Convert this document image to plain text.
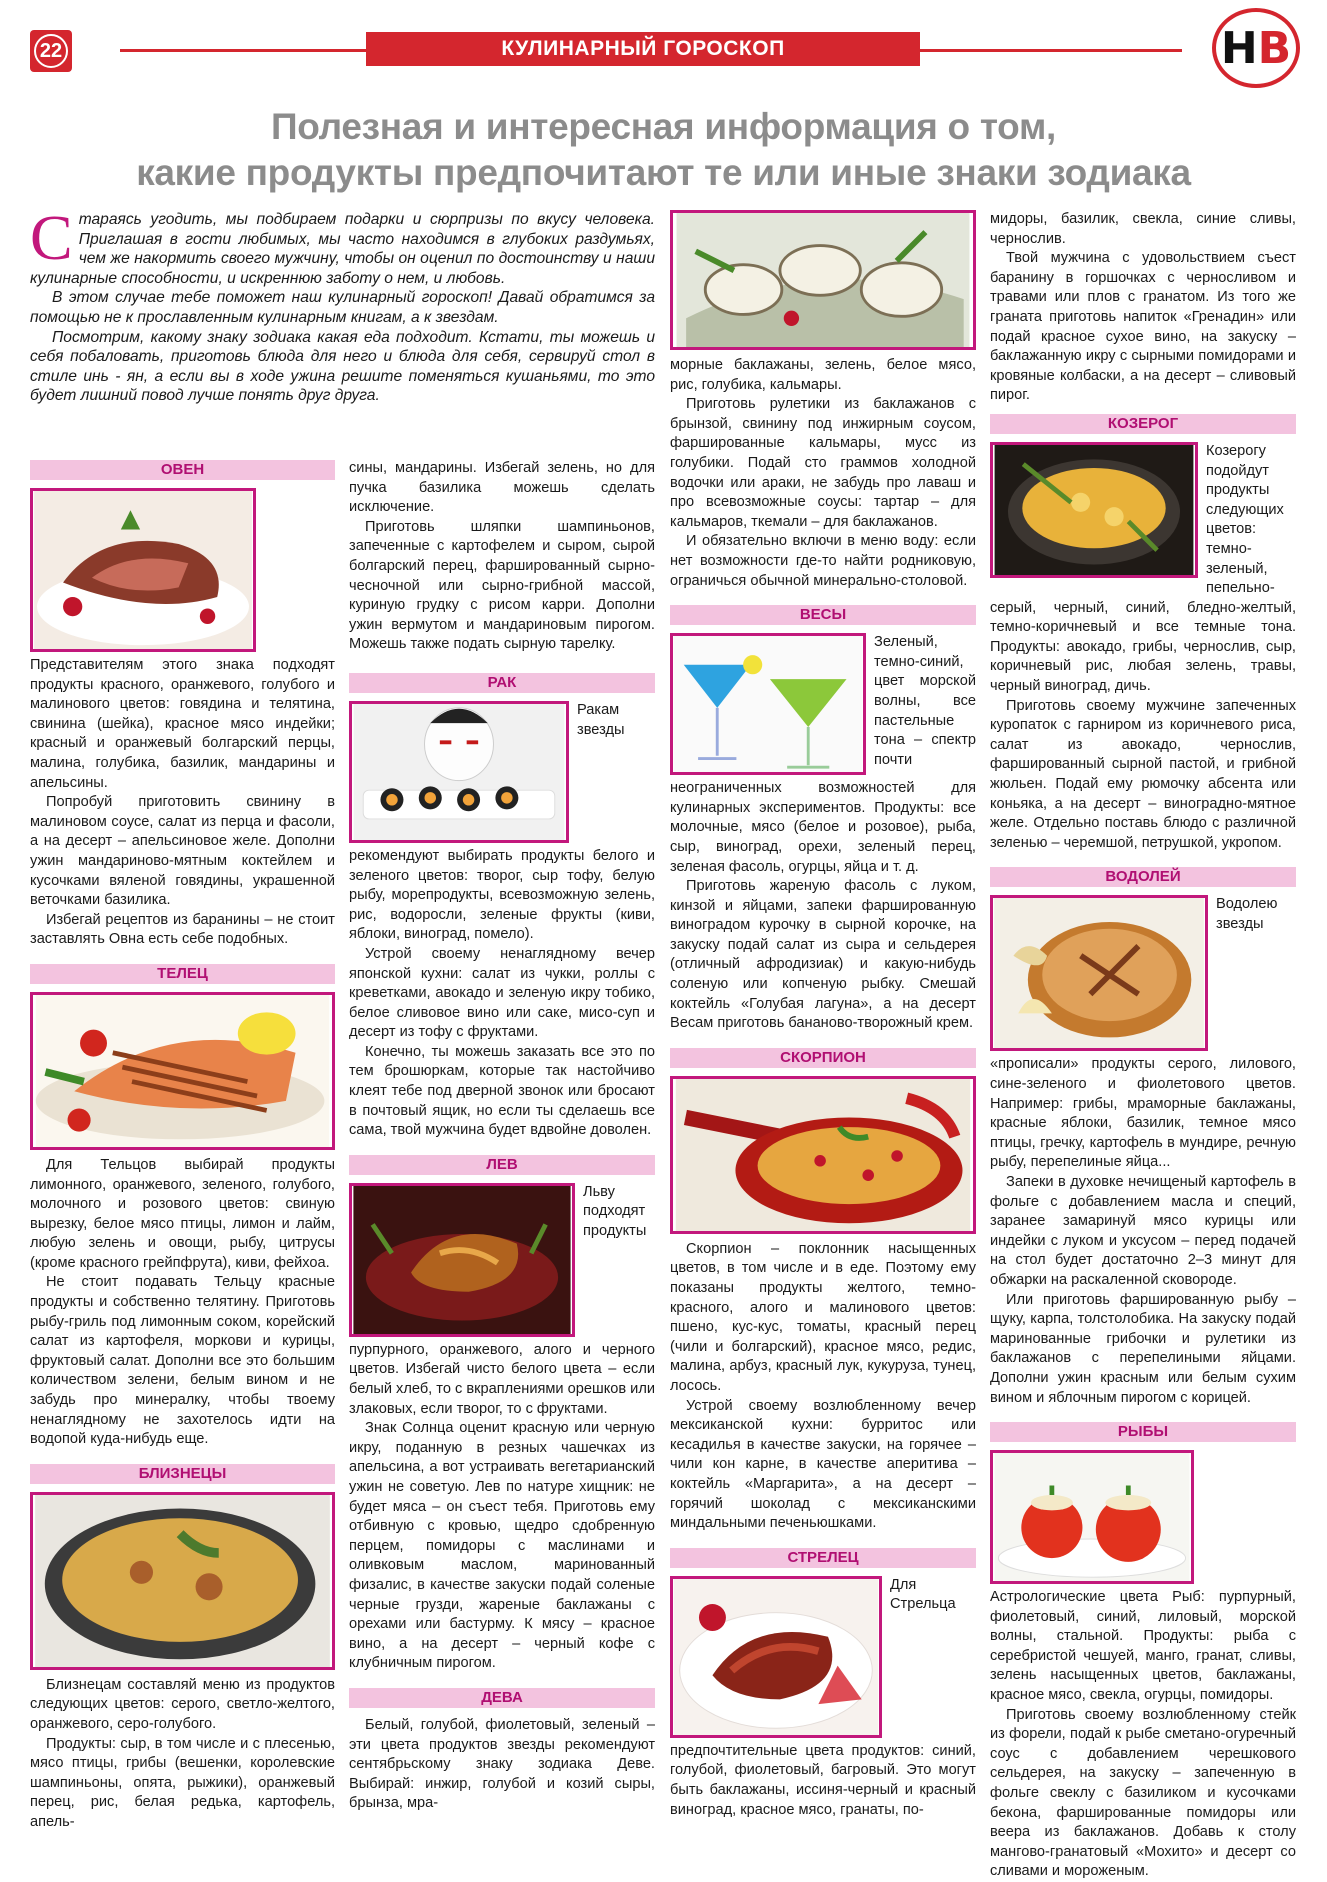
22	КУЛИНАРНЫЙ ГОРОСКОП	Н В
Полезная и интересная информация о том,
какие продукты предпочитают те или иные знаки зодиака

Стараясь угодить, мы подбираем подарки и сюрпризы по вкусу человека. Приглашая в гости любимых, мы часто находимся в глубоких раздумьях, чем же накормить своего мужчину, чтобы он оценил по достоинству и наши кулинарные способности, и искреннюю заботу о нем, и любовь.

В этом случае тебе поможет наш кулинарный гороскоп! Давай обратимся за помощью не к прославленным кулинарным книгам, а к звездам.

Посмотрим, какому знаку зодиака какая еда подходит. Кстати, ты можешь и себя побаловать, приготовь блюда для него и блюда для себя, сервируй стол в стиле инь - ян, а если вы в ходе ужина решите поменяться кушаньями, то это будет лишний повод лучше понять друг друга.

ОВЕН

Представителям этого знака подходят продукты красного, оранжевого, голубого и малинового цветов: говядина и телятина, свинина (шейка), красное мясо индейки; красный и оранжевый болгарский перцы, малина, голубика, базилик, мандарины и апельсины.

Попробуй приготовить свинину в малиновом соусе, салат из перца и фасоли, а на десерт – апельсиновое желе. Дополни ужин мандариново-мятным коктейлем и кусочками вяленой говядины, украшенной веточками базилика.

Избегай рецептов из баранины – не стоит заставлять Овна есть себе подобных.

ТЕЛЕЦ

Для Тельцов выбирай продукты лимонного, оранжевого, зеленого, голубого, молочного и розового цветов: свиную вырезку, белое мясо птицы, лимон и лайм, любую зелень и овощи, рыбу, цитрусы (кроме красного грейпфрута), киви, фейхоа.

Не стоит подавать Тельцу красные продукты и собственно телятину. Приготовь рыбу-гриль под лимонным соком, корейский салат из картофеля, моркови и курицы, фруктовый салат. Дополни все это большим количеством зелени, белым вином и не забудь про минералку, чтобы твоему ненаглядному не захотелось идти на водопой куда-нибудь еще.

БЛИЗНЕЦЫ

Близнецам составляй меню из продуктов следующих цветов: серого, светло-желтого, оранжевого, серо-голубого.

Продукты: сыр, в том числе и с плесенью, мясо птицы, грибы (вешенки, королевские шампиньоны, опята, рыжики), оранжевый перец, рис, белая редька, картофель, апель-

сины, мандарины. Избегай зелень, но для пучка базилика можешь сделать исключение.

Приготовь шляпки шампиньонов, запеченные с картофелем и сыром, сырой болгарский перец, фаршированный сырно-чесночной или сырно-грибной массой, куриную грудку с рисом карри. Дополни ужин вермутом и мандариновым пирогом. Можешь также подать сырную тарелку.

РАК

Ракам звезды рекомендуют выбирать продукты белого и зеленого цветов: творог, сыр тофу, белую рыбу, морепродукты, всевозможную зелень, рис, водоросли, зеленые фрукты (киви, яблоки, виноград, помело).

Устрой своему ненаглядному вечер японской кухни: салат из чукки, роллы с креветками, авокадо и зеленую икру тобико, белое сливовое вино или саке, мисо-суп и десерт из тофу с фруктами.

Конечно, ты можешь заказать все это по тем брошюркам, которые так настойчиво клеят тебе под дверной звонок или бросают в почтовый ящик, но если ты сделаешь все сама, твой мужчина будет вдвойне доволен.

ЛЕВ

Льву подходят продукты пурпурного, оранжевого, алого и черного цветов. Избегай чисто белого цвета – если белый хлеб, то с вкраплениями орешков или злаковых, если творог, то с фруктами.

Знак Солнца оценит красную или черную икру, поданную в резных чашечках из апельсина, а вот устраивать вегетарианский ужин не советую. Лев по натуре хищник: не будет мяса – он съест тебя. Приготовь ему отбивную с кровью, щедро сдобренную перцем, помидоры с маслинами и оливковым маслом, маринованный физалис, в качестве закуски подай соленые черные грузди, жареные баклажаны с орехами или бастурму. К мясу – красное вино, а на десерт – черный кофе с клубничным пирогом.

ДЕВА

Белый, голубой, фиолетовый, зеленый – эти цвета продуктов звезды рекомендуют сентябрьскому знаку зодиака Деве. Выбирай: инжир, голубой и козий сыры, брынза, мра-

морные баклажаны, зелень, белое мясо, рис, голубика, кальмары.

Приготовь рулетики из баклажанов с брынзой, свинину под инжирным соусом, фаршированные кальмары, мусс из голубики. Подай сто граммов холодной водочки или араки, не забудь про лаваш и про всевозможные соусы: тартар – для кальмаров, ткемали – для баклажанов.

И обязательно включи в меню воду: если нет возможности где-то найти родниковую, ограничься обычной минерально-столовой.

ВЕСЫ

Зеленый, темно-синий, цвет морской волны, все пастельные тона – спектр почти неограниченных возможностей для кулинарных экспериментов. Продукты: все молочные, мясо (белое и розовое), рыба, сыр, виноград, орехи, зеленый перец, зеленая фасоль, огурцы, яйца и т. д.

Приготовь жареную фасоль с луком, кинзой и яйцами, запеки фаршированную виноградом курочку в сырной корочке, на закуску подай салат из сыра и сельдерея (отличный афродизиак) и какую-нибудь соленую или копченую рыбку. Смешай коктейль «Голубая лагуна», а на десерт Весам приготовь бананово-творожный крем.

СКОРПИОН

Скорпион – поклонник насыщенных цветов, в том числе и в еде. Поэтому ему показаны продукты желтого, темно-красного, алого и малинового цветов: пшено, кус-кус, томаты, красный перец (чили и болгарский), красное мясо, редис, малина, арбуз, красный лук, кукуруза, тунец, лосось.

Устрой своему возлюбленному вечер мексиканской кухни: бурритос или кесадилья в качестве закуски, на горячее – чили кон карне, в качестве аперитива – коктейль «Маргарита», а на десерт – горячий шоколад с мексиканскими миндальными печеньюшками.

СТРЕЛЕЦ

Для Стрельца предпочтительные цвета продуктов: синий, голубой, фиолетовый, багровый. Это могут быть баклажаны, иссиня-черный и красный виноград, красное мясо, гранаты, по-

мидоры, базилик, свекла, синие сливы, чернослив.

Твой мужчина с удовольствием съест баранину в горшочках с черносливом и травами или плов с гранатом. Из того же граната приготовь напиток «Гренадин» или подай красное сухое вино, на закуску – баклажанную икру с сырными помидорами и кровяные колбаски, а на десерт – сливовый пирог.

КОЗЕРОГ

Козерогу подойдут продукты следующих цветов: темно-зеленый, пепельно-серый, черный, синий, бледно-желтый, темно-коричневый и все темные тона. Продукты: авокадо, грибы, чернослив, сыр, коричневый рис, любая зелень, травы, черный виноград, дичь.

Приготовь своему мужчине запеченных куропаток с гарниром из коричневого риса, салат из авокадо, чернослив, фаршированный сырной пастой, и грибной жюльен. Подай ему рюмочку абсента или коньяка, а на десерт – виноградно-мятное желе. Отдельно поставь блюдо с различной зеленью – черемшой, петрушкой, укропом.

ВОДОЛЕЙ

Водолею звезды «прописали» продукты серого, лилового, сине-зеленого и фиолетового цветов. Например: грибы, мраморные баклажаны, красные яблоки, базилик, темное мясо птицы, гречку, картофель в мундире, речную рыбу, перепелиные яйца...

Запеки в духовке нечищеный картофель в фольге с добавлением масла и специй, заранее замаринуй мясо курицы или индейки с луком и уксусом – перед подачей на стол будет достаточно 2–3 минут для обжарки на раскаленной сковороде.

Или приготовь фаршированную рыбу – щуку, карпа, толстолобика. На закуску подай маринованные грибочки и рулетики из баклажанов с перепелиными яйцами. Дополни ужин красным или белым сухим вином и яблочным пирогом с корицей.

РЫБЫ

Астрологические цвета Рыб: пурпурный, фиолетовый, синий, лиловый, морской волны, стальной. Продукты: рыба с серебристой чешуей, манго, гранат, сливы, зелень насыщенных цветов, баклажаны, красное мясо, свекла, огурцы, помидоры.

Приготовь своему возлюбленному стейк из форели, подай к рыбе сметано-огуречный соус с добавлением черешкового сельдерея, на закуску – запеченную в фольге свеклу с базиликом и кусочками бекона, фаршированные помидоры или веера из баклажанов. Добавь к столу мангово-гранатовый «Мохито» и десерт со сливами и мороженым.
